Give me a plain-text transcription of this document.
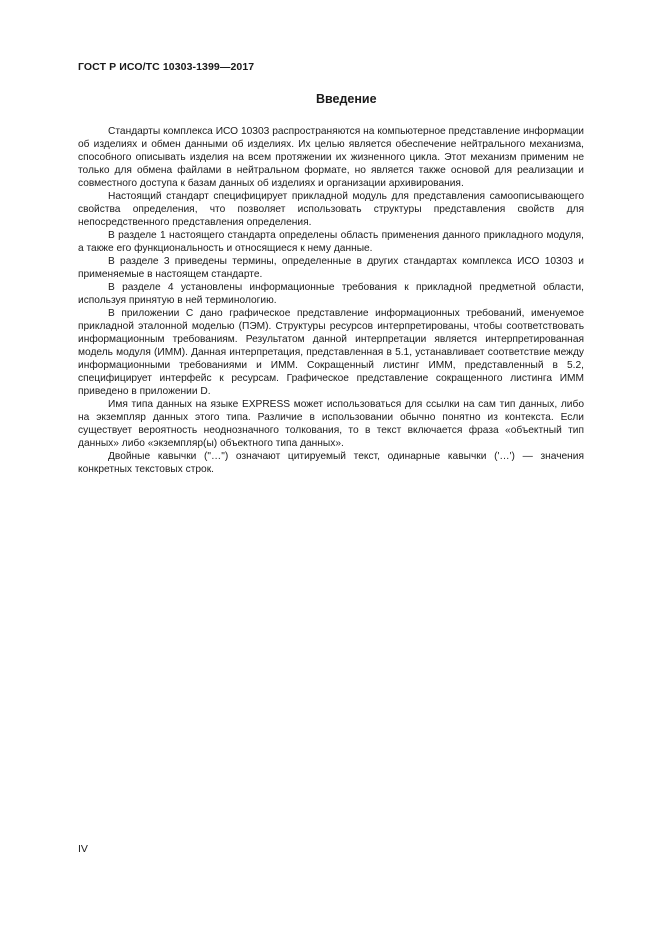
ГОСТ Р ИСО/ТС 10303-1399—2017
Введение

Стандарты комплекса ИСО 10303 распространяются на компьютерное представление информации об изделиях и обмен данными об изделиях. Их целью является обеспечение нейтрального механизма, способного описывать изделия на всем протяжении их жизненного цикла. Этот механизм применим не только для обмена файлами в нейтральном формате, но является также основой для реализации и совместного доступа к базам данных об изделиях и организации архивирования.

Настоящий стандарт специфицирует прикладной модуль для представления самоописывающего свойства определения, что позволяет использовать структуры представления свойств для непосредственного представления определения.

В разделе 1 настоящего стандарта определены область применения данного прикладного модуля, а также его функциональность и относящиеся к нему данные.

В разделе 3 приведены термины, определенные в других стандартах комплекса ИСО 10303 и применяемые в настоящем стандарте.

В разделе 4 установлены информационные требования к прикладной предметной области, используя принятую в ней терминологию.

В приложении С дано графическое представление информационных требований, именуемое прикладной эталонной моделью (ПЭМ). Структуры ресурсов интерпретированы, чтобы соответствовать информационным требованиям. Результатом данной интерпретации является интерпретированная модель модуля (ИММ). Данная интерпретация, представленная в 5.1, устанавливает соответствие между информационными требованиями и ИММ. Сокращенный листинг ИММ, представленный в 5.2, специфицирует интерфейс к ресурсам. Графическое представление сокращенного листинга ИММ приведено в приложении D.

Имя типа данных на языке EXPRESS может использоваться для ссылки на сам тип данных, либо на экземпляр данных этого типа. Различие в использовании обычно понятно из контекста. Если существует вероятность неоднозначного толкования, то в текст включается фраза «объектный тип данных» либо «экземпляр(ы) объектного типа данных».

Двойные кавычки ("…") означают цитируемый текст, одинарные кавычки ('…') — значения конкретных текстовых строк.

IV
